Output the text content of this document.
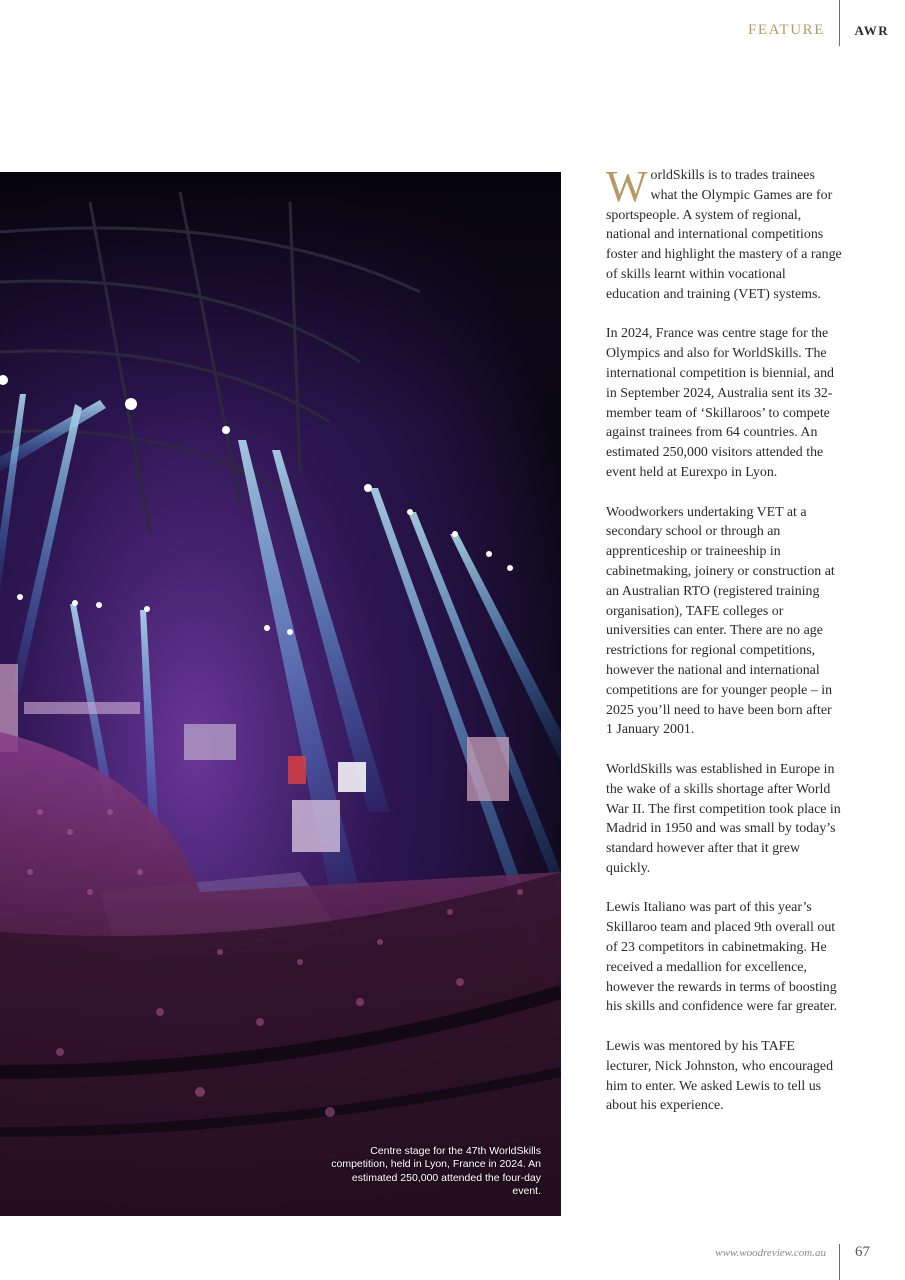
FEATURE AWR
Centre stage for the 47th WorldSkills competition, held in Lyon, France in 2024. An estimated 250,000 attended the four-day event.

WorldSkills is to trades trainees what the Olympic Games are for sportspeople. A system of regional, national and international competitions foster and highlight the mastery of a range of skills learnt within vocational education and training (VET) systems.

In 2024, France was centre stage for the Olympics and also for WorldSkills. The international competition is biennial, and in September 2024, Australia sent its 32-member team of ‘Skillaroos’ to compete against trainees from 64 countries. An estimated 250,000 visitors attended the event held at Eurexpo in Lyon.

Woodworkers undertaking VET at a secondary school or through an apprenticeship or traineeship in cabinetmaking, joinery or construction at an Australian RTO (registered training organisation), TAFE colleges or universities can enter. There are no age restrictions for regional competitions, however the national and international competitions are for younger people – in 2025 you’ll need to have been born after 1 January 2001.

WorldSkills was established in Europe in the wake of a skills shortage after World War II. The first competition took place in Madrid in 1950 and was small by today’s standard however after that it grew quickly.

Lewis Italiano was part of this year’s Skillaroo team and placed 9th overall out of 23 competitors in cabinetmaking. He received a medallion for excellence, however the rewards in terms of boosting his skills and confidence were far greater.

Lewis was mentored by his TAFE lecturer, Nick Johnston, who encouraged him to enter. We asked Lewis to tell us about his experience.

www.woodreview.com.au 67
